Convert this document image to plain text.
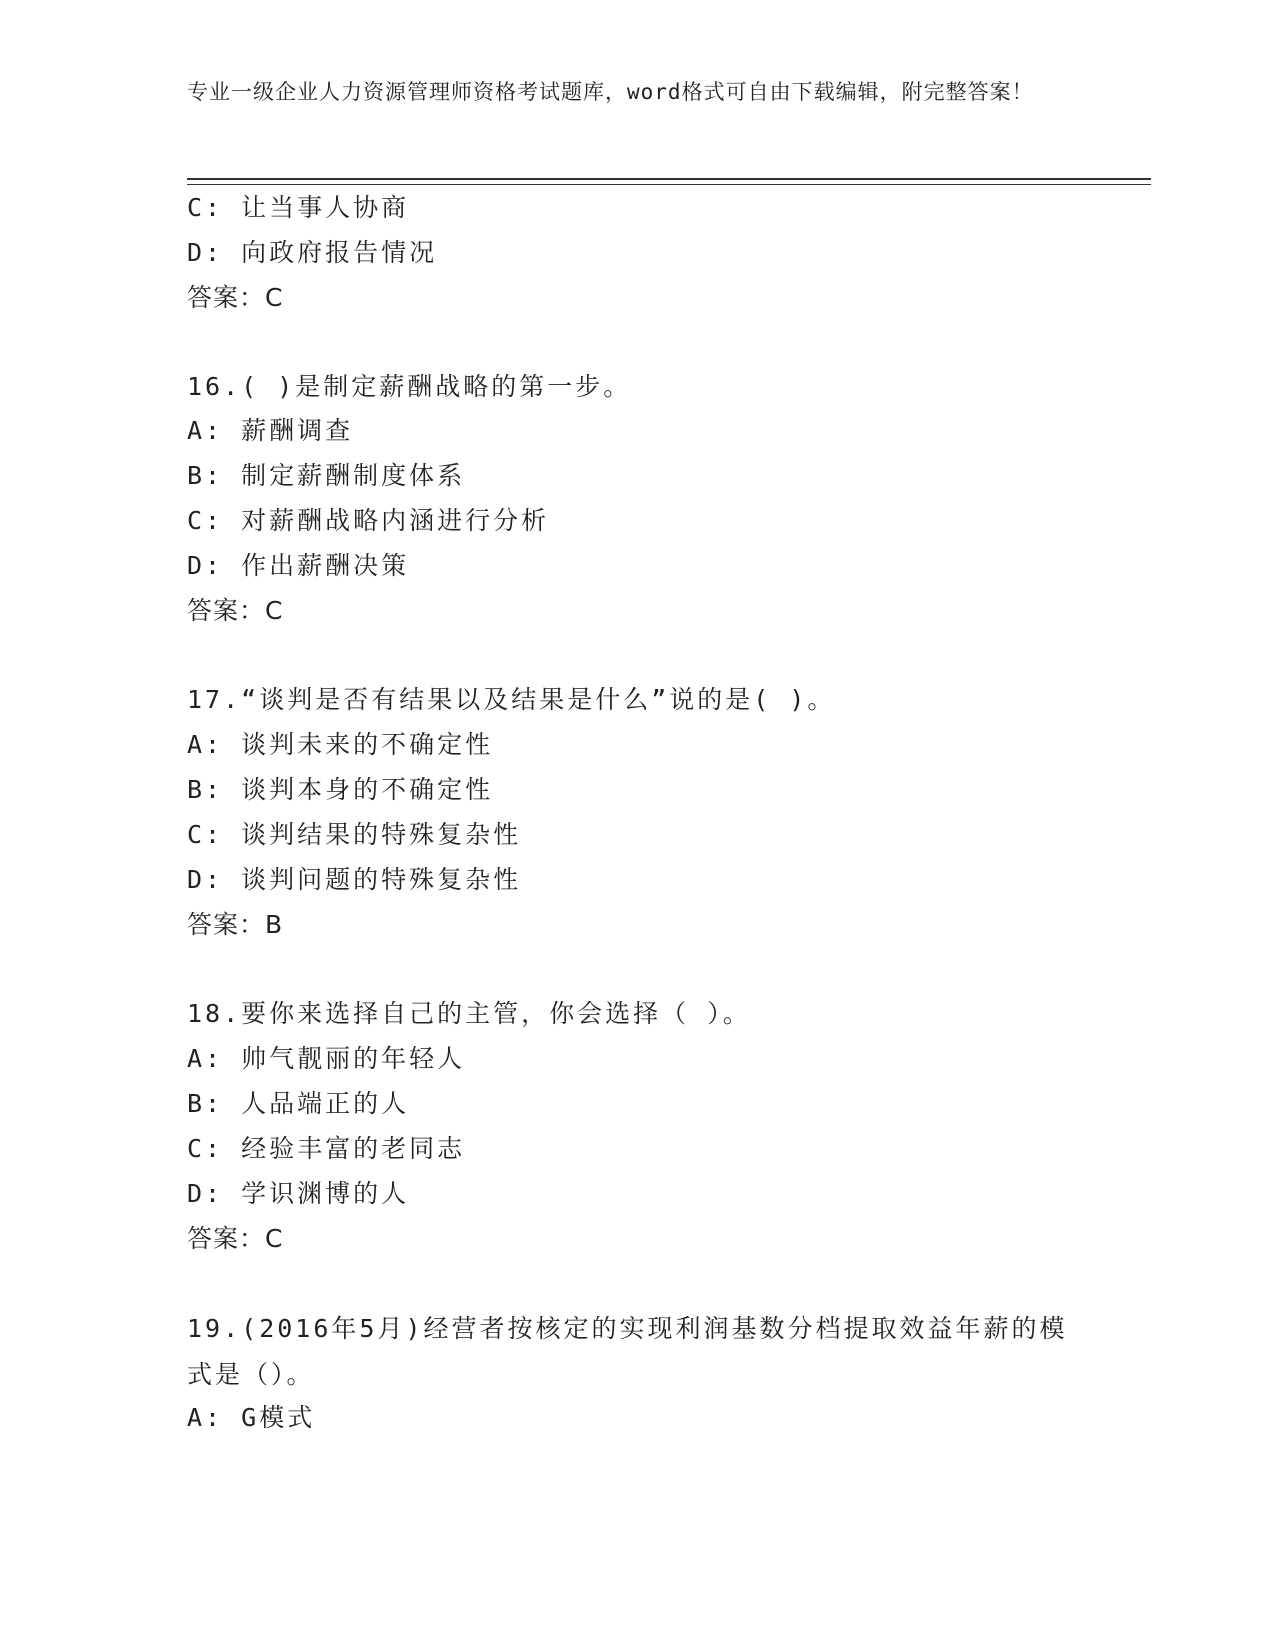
专业一级企业人力资源管理师资格考试题库，word格式可自由下载编辑，附完整答案！
C: 让当事人协商
D: 向政府报告情况
答案：C
16.( )是制定薪酬战略的第一步。
A: 薪酬调查
B: 制定薪酬制度体系
C: 对薪酬战略内涵进行分析
D: 作出薪酬决策
答案：C
17.“谈判是否有结果以及结果是什么”说的是( )。
A: 谈判未来的不确定性
B: 谈判本身的不确定性
C: 谈判结果的特殊复杂性
D: 谈判问题的特殊复杂性
答案：B
18.要你来选择自己的主管，你会选择（ ）。
A: 帅气靓丽的年轻人
B: 人品端正的人
C: 经验丰富的老同志
D: 学识渊博的人
答案：C
19.(2016年5月)经营者按核定的实现利润基数分档提取效益年薪的模式是（）。
A: G模式
